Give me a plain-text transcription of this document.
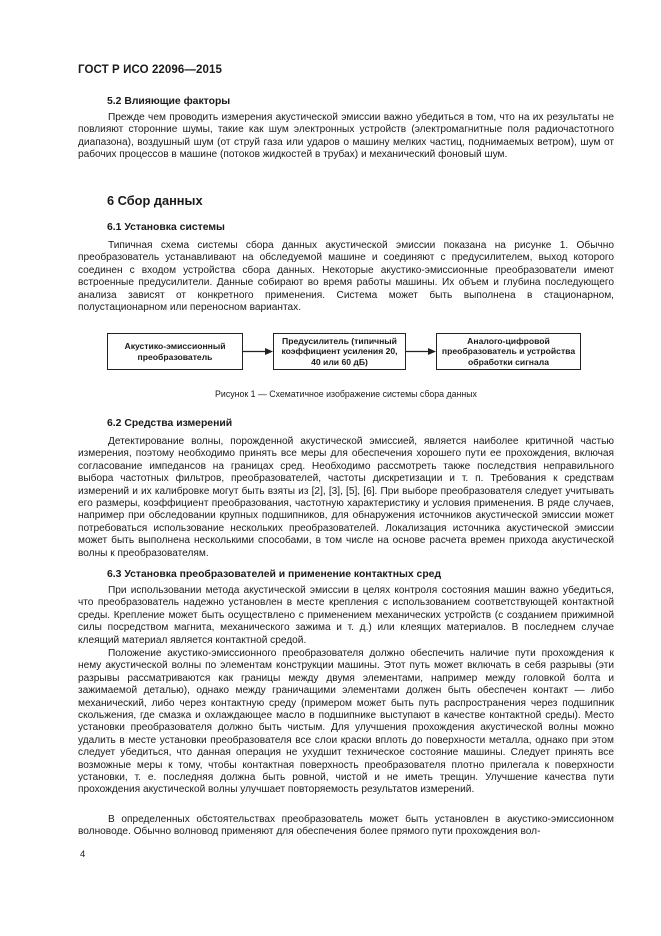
ГОСТ Р ИСО 22096—2015
5.2 Влияющие факторы

Прежде чем проводить измерения акустической эмиссии важно убедиться в том, что на их результаты не повлияют сторонние шумы, такие как шум электронных устройств (электромагнитные поля радиочастотного диапазона), воздушный шум (от струй газа или ударов о машину мелких частиц, поднимаемых ветром), шум от рабочих процессов в машине (потоков жидкостей в трубах) и механический фоновый шум.

6 Сбор данных
6.1 Установка системы

Типичная схема системы сбора данных акустической эмиссии показана на рисунке 1. Обычно преобразователь устанавливают на обследуемой машине и соединяют с предусилителем, выход которого соединен с входом устройства сбора данных. Некоторые акустико-эмиссионные преобразователи имеют встроенные предусилители. Данные собирают во время работы машины. Их объем и глубина последующего анализа зависят от конкретного применения. Система может быть выполнена в стационарном, полустационарном или переносном вариантах.

Акустико-эмиссионный преобразователь
Предусилитель (типичный коэффициент усиления 20, 40 или 60 дБ)
Аналого-цифровой преобразователь и устройства обработки сигнала
Рисунок 1 — Схематичное изображение системы сбора данных
6.2 Средства измерений

Детектирование волны, порожденной акустической эмиссией, является наиболее критичной частью измерения, поэтому необходимо принять все меры для обеспечения хорошего пути ее прохождения, включая согласование импедансов на границах сред. Необходимо рассмотреть также последствия неправильного выбора частотных фильтров, преобразователей, частоты дискретизации и т. п. Требования к средствам измерений и их калибровке могут быть взяты из [2], [3], [5], [6]. При выборе преобразователя следует учитывать его размеры, коэффициент преобразования, частотную характеристику и условия применения. В ряде случаев, например при обследовании крупных подшипников, для обнаружения источников акустической эмиссии может потребоваться использование нескольких преобразователей. Локализация источника акустической эмиссии может быть выполнена несколькими способами, в том числе на основе расчета времен прихода акустической волны к преобразователям.

6.3 Установка преобразователей и применение контактных сред

При использовании метода акустической эмиссии в целях контроля состояния машин важно убедиться, что преобразователь надежно установлен в месте крепления с использованием соответствующей контактной среды. Крепление может быть осуществлено с применением механических устройств (с созданием прижимной силы посредством магнита, механического зажима и т. д.) или клеящих материалов. В последнем случае клеящий материал является контактной средой.

Положение акустико-эмиссионного преобразователя должно обеспечить наличие пути прохождения к нему акустической волны по элементам конструкции машины. Этот путь может включать в себя разрывы (эти разрывы рассматриваются как границы между двумя элементами, например между головкой болта и зажимаемой деталью), однако между граничащими элементами должен быть обеспечен контакт — либо механический, либо через контактную среду (примером может быть путь распространения через подшипник скольжения, где смазка и охлаждающее масло в подшипнике выступают в качестве контактной среды). Место установки преобразователя должно быть чистым. Для улучшения прохождения акустической волны можно удалить в месте установки преобразователя все слои краски вплоть до поверхности металла, однако при этом следует убедиться, что данная операция не ухудшит техническое состояние машины. Следует принять все возможные меры к тому, чтобы контактная поверхность преобразователя плотно прилегала к поверхности установки, т. е. последняя должна быть ровной, чистой и не иметь трещин. Улучшение качества пути прохождения акустической волны улучшает повторяемость результатов измерений.

В определенных обстоятельствах преобразователь может быть установлен в акустико-эмиссионном волноводе. Обычно волновод применяют для обеспечения более прямого пути прохождения вол-

4
